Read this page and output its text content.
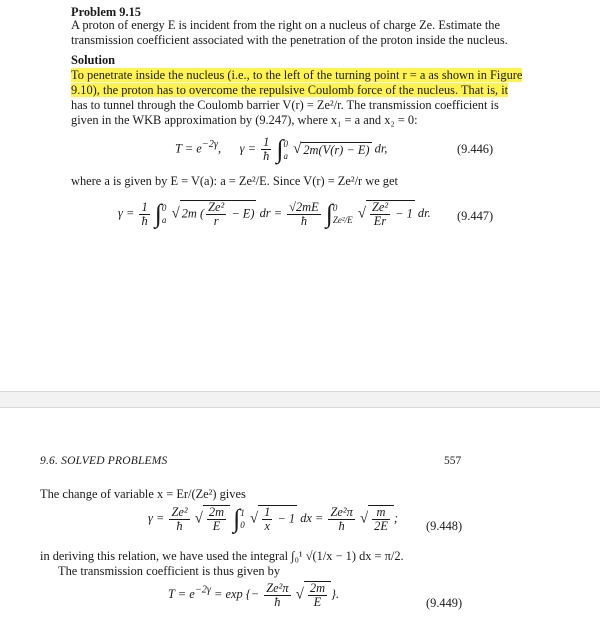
Problem 9.15
A proton of energy E is incident from the right on a nucleus of charge Ze. Estimate the transmission coefficient associated with the penetration of the proton inside the nucleus.
Solution
To penetrate inside the nucleus (i.e., to the left of the turning point r = a as shown in Figure 9.10), the proton has to overcome the repulsive Coulomb force of the nucleus. That is, it has to tunnel through the Coulomb barrier V(r) = Ze²/r. The transmission coefficient is given in the WKB approximation by (9.247), where x₁ = a and x₂ = 0:
$T = e^{-2\gamma}$,      $\gamma = \frac{1}{ħ} \int 0$
a √ 2m(V(r) − E) dr,	(9.446)
where a is given by E = V(a): a = Ze²/E. Since V(r) = Ze²/r we get
$\gamma = \frac{1}{ħ} \int 0$
a √ 2m ( $\frac{\text{Ze²}}{r} - E$) dr = $\frac{√2mE}{ħ} \int 0$
Ze²/E √ $\frac{\text{Ze²}}{Er} - 1$ dr. (9.447)
9.6. SOLVED PROBLEMS	557
The change of variable x = Er/(Ze²) gives
$\gamma = \frac{\text{Ze²}}{ħ}$ √ $\frac{2m}{E} \int 1$
0 √ $\frac{1}{x} - 1$ dx = $\frac{\text{Ze²π}}{ħ}$ √ $\frac{m}{2E}$ ;
(9.448)
in deriving this relation, we have used the integral ∫₀¹ √(1/x − 1) dx = π/2.
The transmission coefficient is thus given by
$T = e^{-2\gamma} = \exp$ {− $\frac{\text{Ze²π}}{ħ}$ √ $\frac{2m}{E}$ }.
(9.449)
